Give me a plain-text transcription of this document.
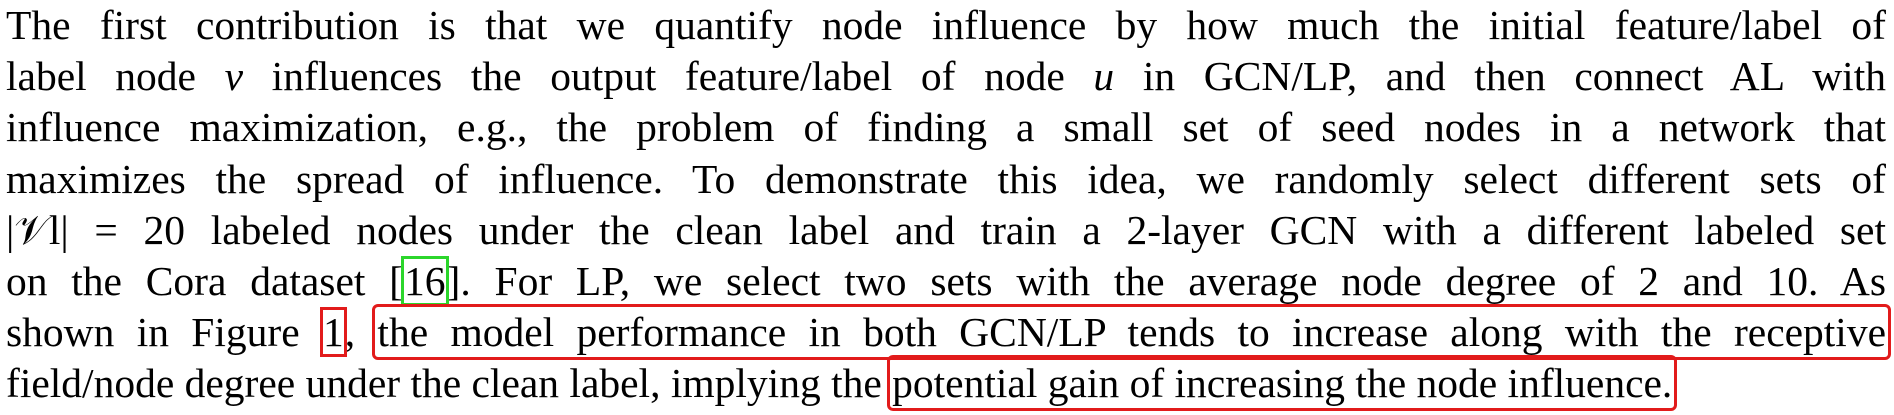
The first contribution is that we quantify node influence by how much the initial feature/label of
label node v influences the output feature/label of node u in GCN/LP, and then connect AL with
influence maximization, e.g., the problem of finding a small set of seed nodes in a network that
maximizes the spread of influence. To demonstrate this idea, we randomly select different sets of
|𝒱l| = 20 labeled nodes under the clean label and train a 2-layer GCN with a different labeled set
on the Cora dataset [16]. For LP, we select two sets with the average node degree of 2 and 10. As
shown in Figure 1, the model performance in both GCN/LP tends to increase along with the receptive
field/node degree under the clean label, implying the potential gain of increasing the node influence.
